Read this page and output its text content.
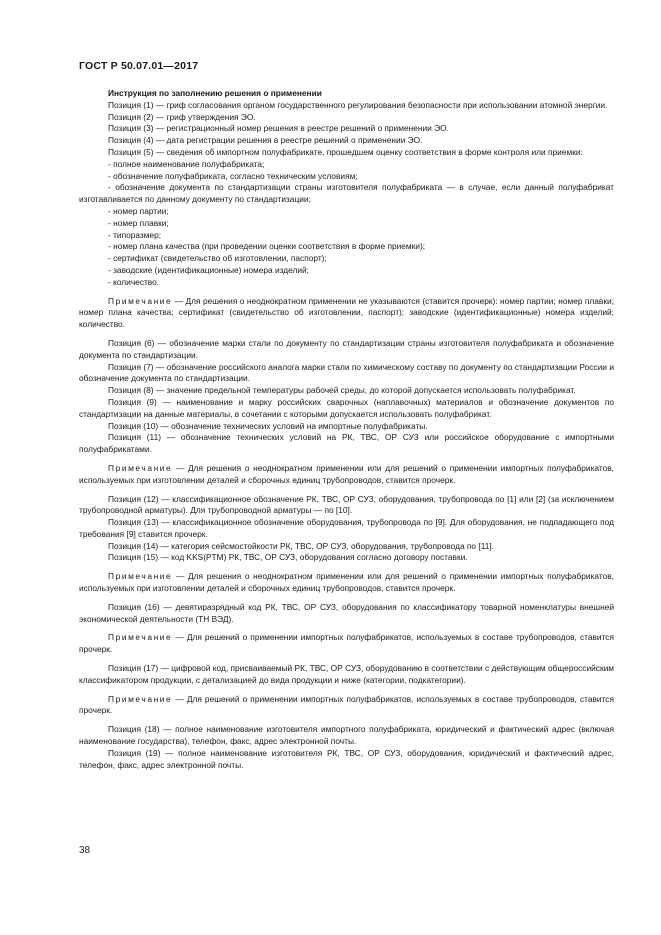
ГОСТ Р 50.07.01—2017

Инструкция по заполнению решения о применении

Позиция (1) — гриф согласования органом государственного регулирования безопасности при использовании атомной энергии.

Позиция (2) — гриф утверждения ЭО.

Позиция (3) — регистрационный номер решения в реестре решений о применении ЭО.

Позиция (4) — дата регистрации решения в реестре решений о применении ЭО.

Позиция (5) — сведения об импортном полуфабрикате, прошедшем оценку соответствия в форме контроля или приемки:

- полное наименование полуфабриката;

- обозначение полуфабриката, согласно техническим условиям;

- обозначение документа по стандартизации страны изготовителя полуфабриката — в случае, если данный полуфабрикат изготавливается по данному документу по стандартизации;

- номер партии;

- номер плавки;

- типоразмер;

- номер плана качества (при проведении оценки соответствия в форме приемки);

- сертификат (свидетельство об изготовлении, паспорт);

- заводские (идентификационные) номера изделий;

- количество.

Примечание — Для решения о неоднократном применении не указываются (ставится прочерк): номер партии; номер плавки; номер плана качества; сертификат (свидетельство об изготовлении, паспорт); заводские (идентификационные) номера изделий; количество.

Позиция (6) — обозначение марки стали по документу по стандартизации страны изготовителя полуфабриката и обозначение документа по стандартизации.

Позиция (7) — обозначение российского аналога марки стали по химическому составу по документу по стандартизации России и обозначение документа по стандартизации.

Позиция (8) — значение предельной температуры рабочей среды, до которой допускается использовать полуфабрикат.

Позиция (9) — наименование и марку российских сварочных (наплавочных) материалов и обозначение документов по стандартизации на данные материалы, в сочетании с которыми допускается использовать полуфабрикат.

Позиция (10) — обозначение технических условий на импортные полуфабрикаты.

Позиция (11) — обозначение технических условий на РК, ТВС, ОР СУЗ или российское оборудование с импортными полуфабрикатами.

Примечание — Для решения о неоднократном применении или для решений о применении импортных полуфабрикатов, используемых при изготовлении деталей и сборочных единиц трубопроводов, ставится прочерк.

Позиция (12) — классификационное обозначение РК, ТВС, ОР СУЗ, оборудования, трубопровода по [1] или [2] (за исключением трубопроводной арматуры). Для трубопроводной арматуры — по [10].

Позиция (13) — классификационное обозначение оборудования, трубопровода по [9]. Для оборудования, не подпадающего под требования [9] ставится прочерк.

Позиция (14) — категория сейсмостойкости РК, ТВС, ОР СУЗ, оборудования, трубопровода по [11].

Позиция (15) — код KKS(PTM) РК, ТВС, ОР СУЗ, оборудования согласно договору поставки.

Примечание — Для решения о неоднократном применении или для решений о применении импортных полуфабрикатов, используемых при изготовлении деталей и сборочных единиц трубопроводов, ставится прочерк.

Позиция (16) — девятиразрядный код РК, ТВС, ОР СУЗ, оборудования по классификатору товарной номенклатуры внешней экономической деятельности (ТН ВЭД).

Примечание — Для решений о применении импортных полуфабрикатов, используемых в составе трубопроводов, ставится прочерк.

Позиция (17) — цифровой код, присваиваемый РК, ТВС, ОР СУЗ, оборудованию в соответствии с действующим общероссийским классификатором продукции, с детализацией до вида продукции и ниже (категории, подкатегории).

Примечание — Для решений о применении импортных полуфабрикатов, используемых в составе трубопроводов, ставится прочерк.

Позиция (18) — полное наименование изготовителя импортного полуфабриката, юридический и фактический адрес (включая наименование государства), телефон, факс, адрес электронной почты.

Позиция (19) — полное наименование изготовителя РК, ТВС, ОР СУЗ, оборудования, юридический и фактический адрес, телефон, факс, адрес электронной почты.

38
